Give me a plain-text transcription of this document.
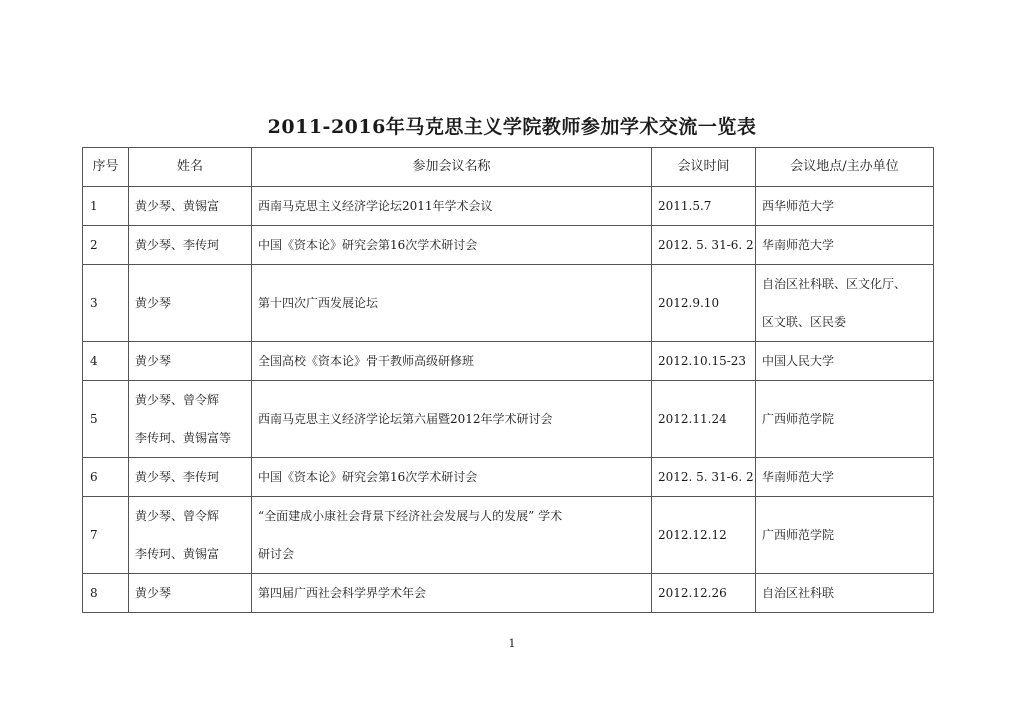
2011-2016年马克思主义学院教师参加学术交流一览表
序号	姓名	参加会议名称	会议时间	会议地点/主办单位
1	黄少琴、黄锡富	西南马克思主义经济学论坛2011年学术会议	2011.5.7	西华师范大学

2	黄少琴、李传珂	中国《资本论》研究会第16次学术研讨会	2012. 5. 31-6. 2	华南师范大学

3	黄少琴	第十四次广西发展论坛	2012.9.10	自治区社科联、区文化厅、
区文联、区民委

4	黄少琴	全国高校《资本论》骨干教师高级研修班	2012.10.15-23	中国人民大学

5	黄少琴、曾令辉
李传珂、黄锡富等	西南马克思主义经济学论坛第六届暨2012年学术研讨会	2012.11.24	广西师范学院

6	黄少琴、李传珂	中国《资本论》研究会第16次学术研讨会	2012. 5. 31-6. 2	华南师范大学

7	黄少琴、曾令辉
李传珂、黄锡富	“全面建成小康社会背景下经济社会发展与人的发展” 学术
研讨会	2012.12.12	广西师范学院

8	黄少琴	第四届广西社会科学界学术年会	2012.12.26	自治区社科联
1
